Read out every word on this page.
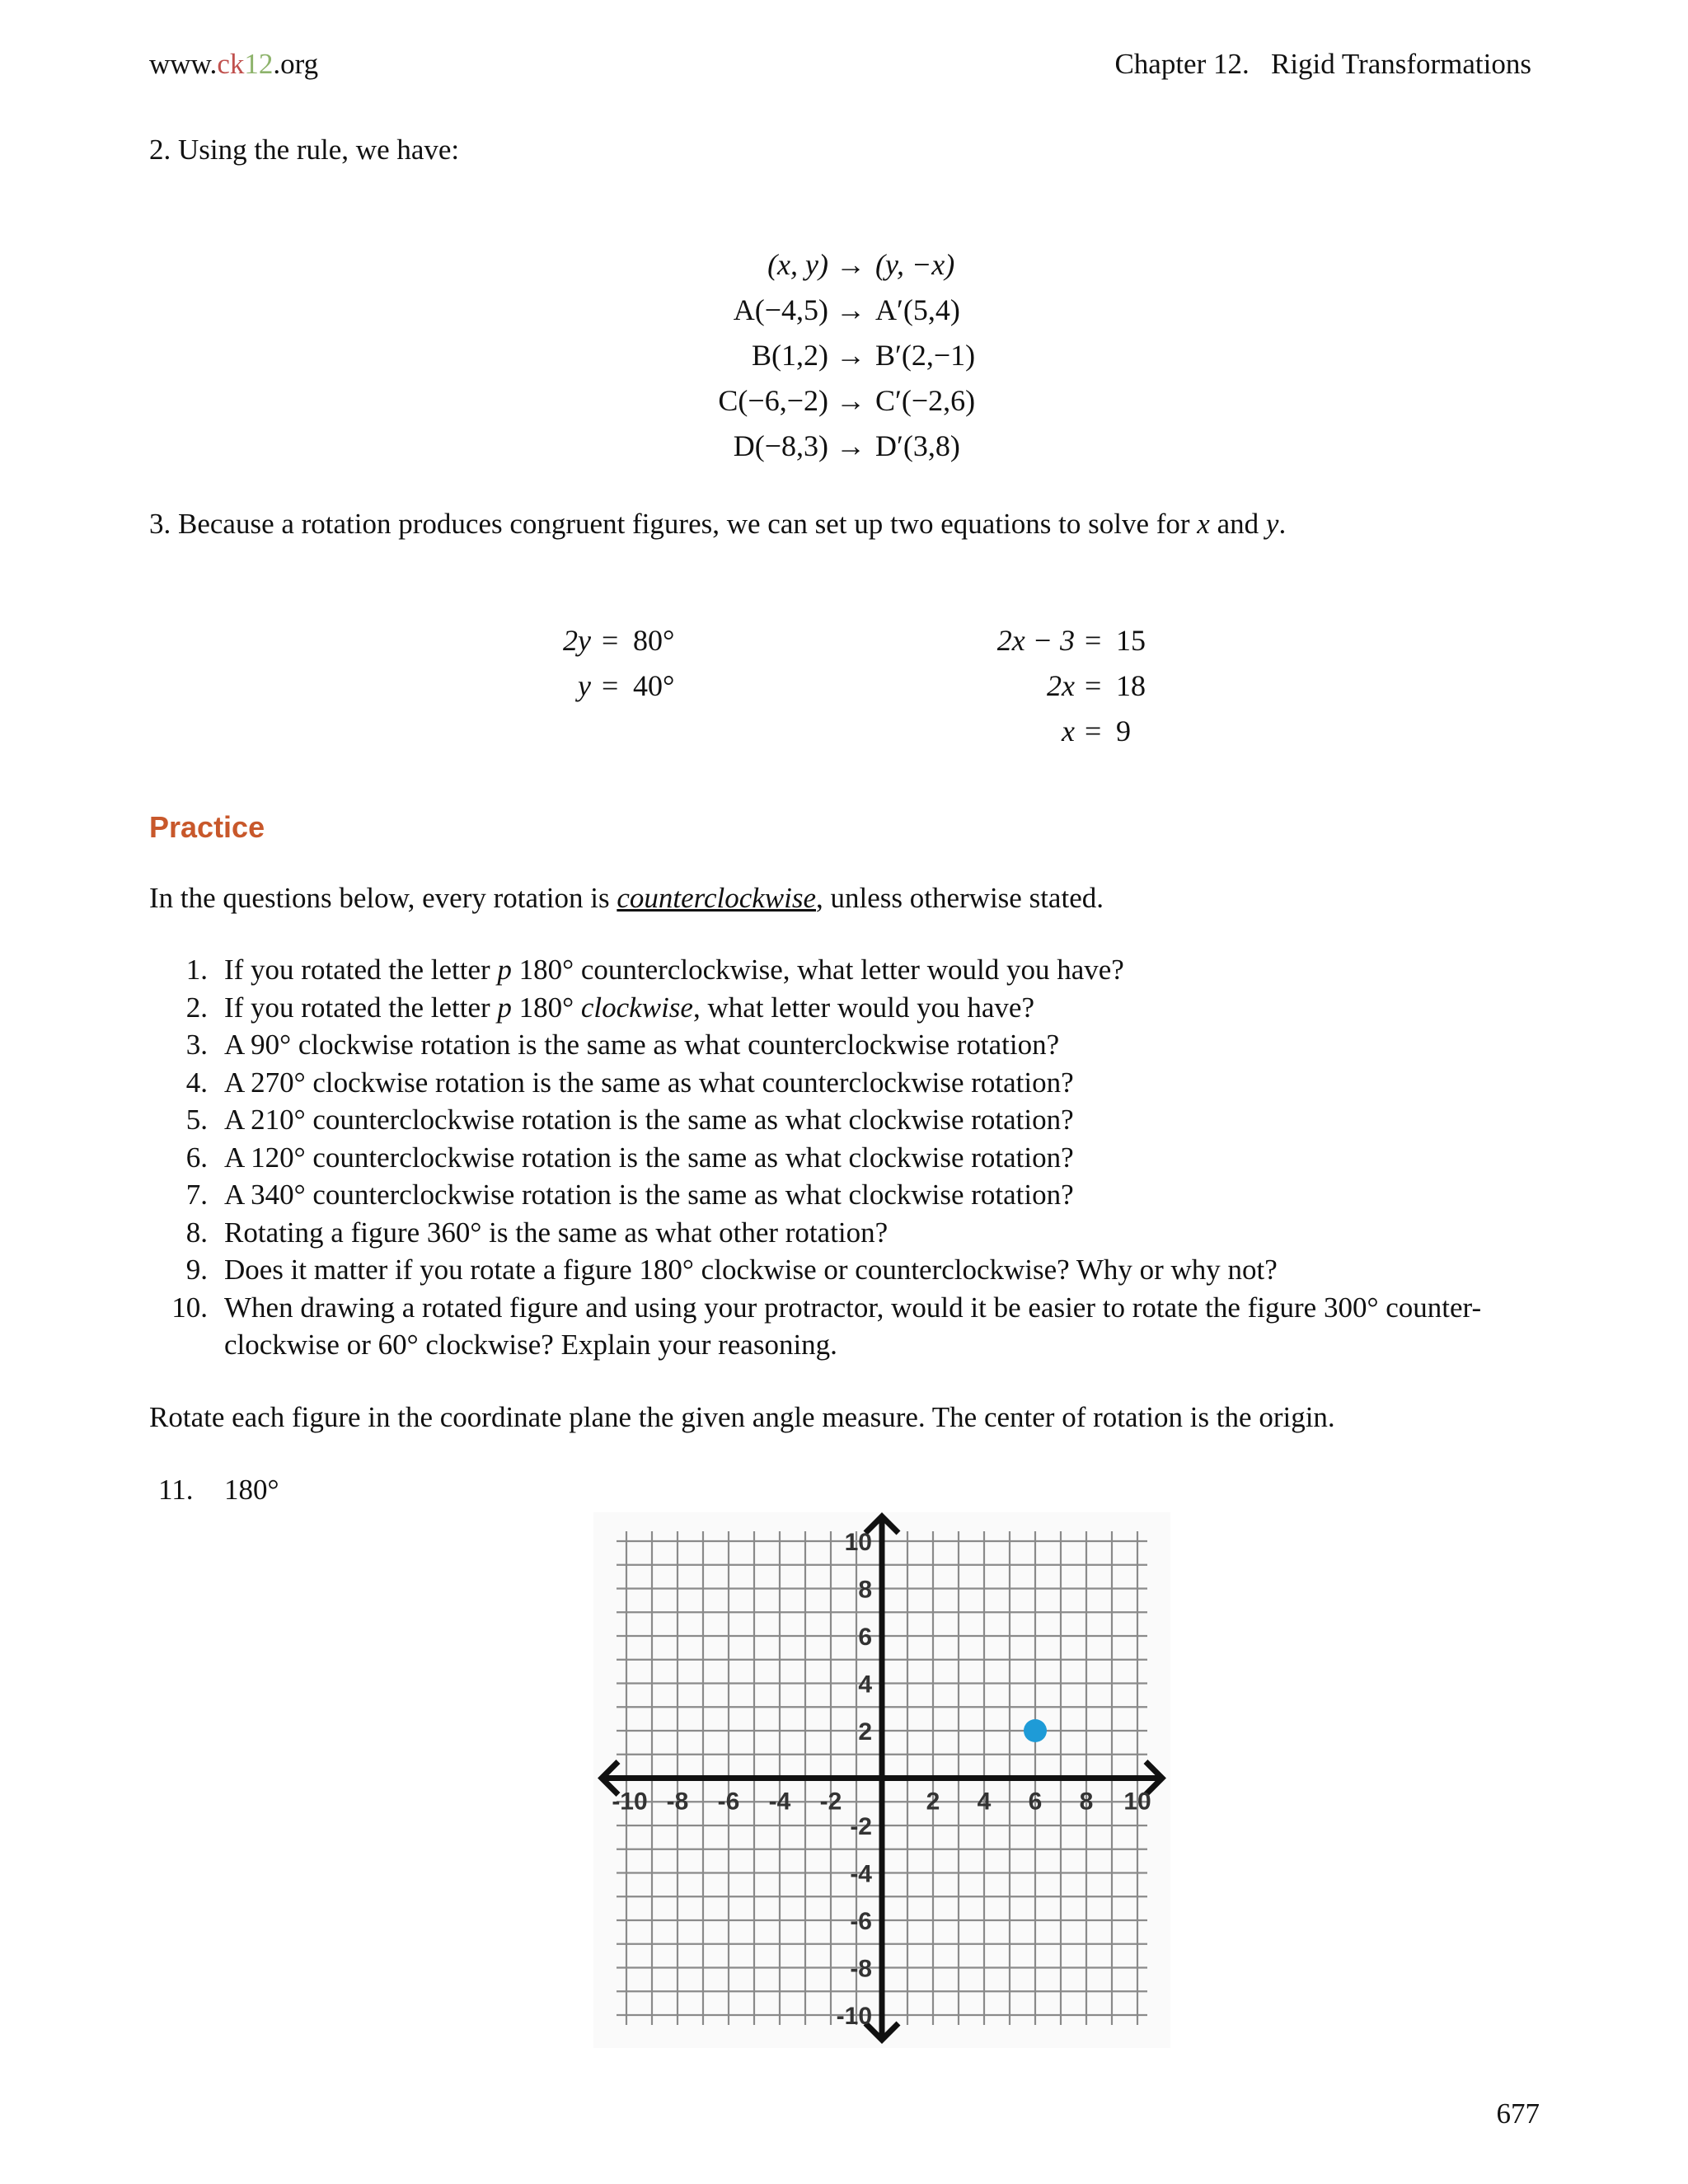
www.ck12.org	Chapter 12.   Rigid Transformations
2. Using the rule, we have:
(x, y) → (y, −x)
A(−4,5) → A′(5,4)
B(1,2) → B′(2,−1)
C(−6,−2) → C′(−2,6)
D(−8,3) → D′(3,8)
3. Because a rotation produces congruent figures, we can set up two equations to solve for x and y.
2y = 80°
y = 40°
2x − 3 = 15
2x = 18
x = 9
Practice
In the questions below, every rotation is counterclockwise, unless otherwise stated.
1. If you rotated the letter p 180° counterclockwise, what letter would you have?
2. If you rotated the letter p 180° clockwise, what letter would you have?
3. A 90° clockwise rotation is the same as what counterclockwise rotation?
4. A 270° clockwise rotation is the same as what counterclockwise rotation?
5. A 210° counterclockwise rotation is the same as what clockwise rotation?
6. A 120° counterclockwise rotation is the same as what clockwise rotation?
7. A 340° counterclockwise rotation is the same as what clockwise rotation?
8. Rotating a figure 360° is the same as what other rotation?
9. Does it matter if you rotate a figure 180° clockwise or counterclockwise? Why or why not?
10. When drawing a rotated figure and using your protractor, would it be easier to rotate the figure 300° counter-
clockwise or 60° clockwise? Explain your reasoning.
Rotate each figure in the coordinate plane the given angle measure. The center of rotation is the origin.
11. 180°
-10 -8 -6 -4 -2	2 4 6 8 10
10
8
6
4
2
-2
-4
-6
-8
-10
677
